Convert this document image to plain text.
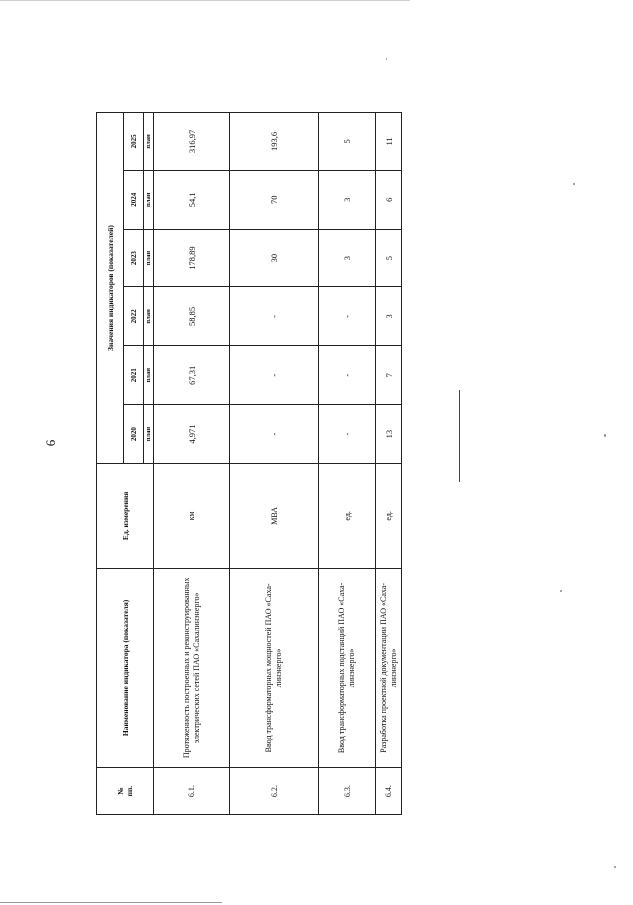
6
№
пп.	Наименование индикатора (показателя)	Ед. измерения	Значения индикаторов (показателей)					
			2020	2021	2022	2023	2024	2025
			план	план	план	план	план	план
6.1.	Протяженность построенных и реконструированных электрических сетей ПАО «Сахалинэнерго»	км	4,971	67,31	58,85	178,89	54,1	316,97
6.2.	Ввод трансформаторных мощностей ПАО «Саха-линэнерго»	МВА	-	-	-	30	70	193,6
6.3.	Ввод трансформаторных подстанций ПАО «Саха-линэнерго»	ед.	-	-	-	3	3	5
6.4.	Разработка проектной документации ПАО «Саха-линэнерго»	ед.	13	7	3	5	6	11
